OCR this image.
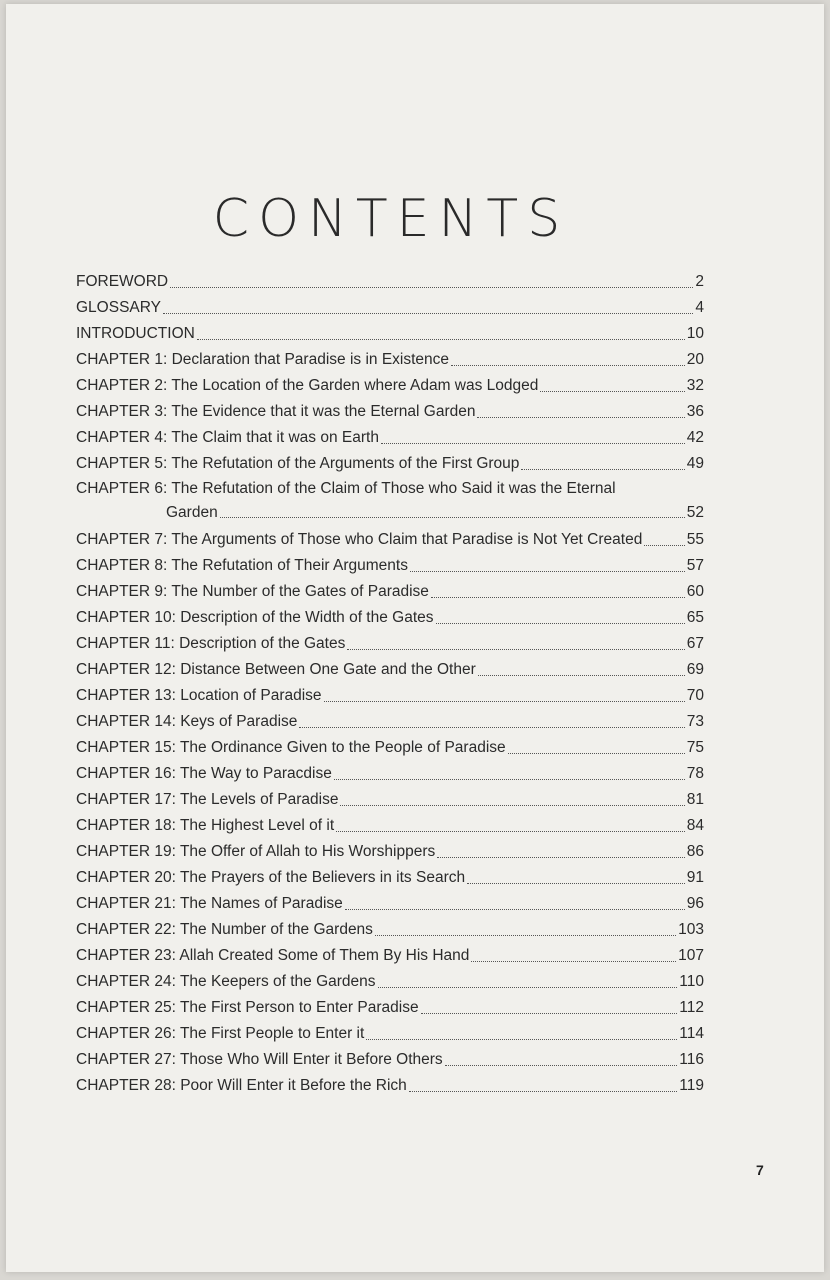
CONTENTS
FOREWORD	2
GLOSSARY	4
INTRODUCTION	10
CHAPTER 1: Declaration that Paradise is in Existence	20
CHAPTER 2: The Location of the Garden where Adam was Lodged	32
CHAPTER 3: The Evidence that it was the Eternal Garden	36
CHAPTER 4: The Claim that it was on Earth	42
CHAPTER 5: The Refutation of the Arguments of the First Group	49
CHAPTER 6: The Refutation of the Claim of Those who Said it was the Eternal
Garden	52
CHAPTER 7: The Arguments of Those who Claim that Paradise is Not Yet Created	55
CHAPTER 8: The Refutation of Their Arguments	57
CHAPTER 9: The Number of the Gates of Paradise	60
CHAPTER 10: Description of the Width of the Gates	65
CHAPTER 11: Description of the Gates	67
CHAPTER 12: Distance Between One Gate and the Other	69
CHAPTER 13: Location of Paradise	70
CHAPTER 14: Keys of Paradise	73
CHAPTER 15: The Ordinance Given to the People of Paradise	75
CHAPTER 16: The Way to Paracdise	78
CHAPTER 17: The Levels of Paradise	81
CHAPTER 18: The Highest Level of it	84
CHAPTER 19: The Offer of Allah to His Worshippers	86
CHAPTER 20: The Prayers of the Believers in its Search	91
CHAPTER 21: The Names of Paradise	96
CHAPTER 22: The Number of the Gardens	103
CHAPTER 23: Allah Created Some of Them By His Hand	107
CHAPTER 24: The Keepers of the Gardens	110
CHAPTER 25: The First Person to Enter Paradise	112
CHAPTER 26: The First People to Enter it	114
CHAPTER 27: Those Who Will Enter it Before Others	116
CHAPTER 28: Poor Will Enter it Before the Rich	119
7
